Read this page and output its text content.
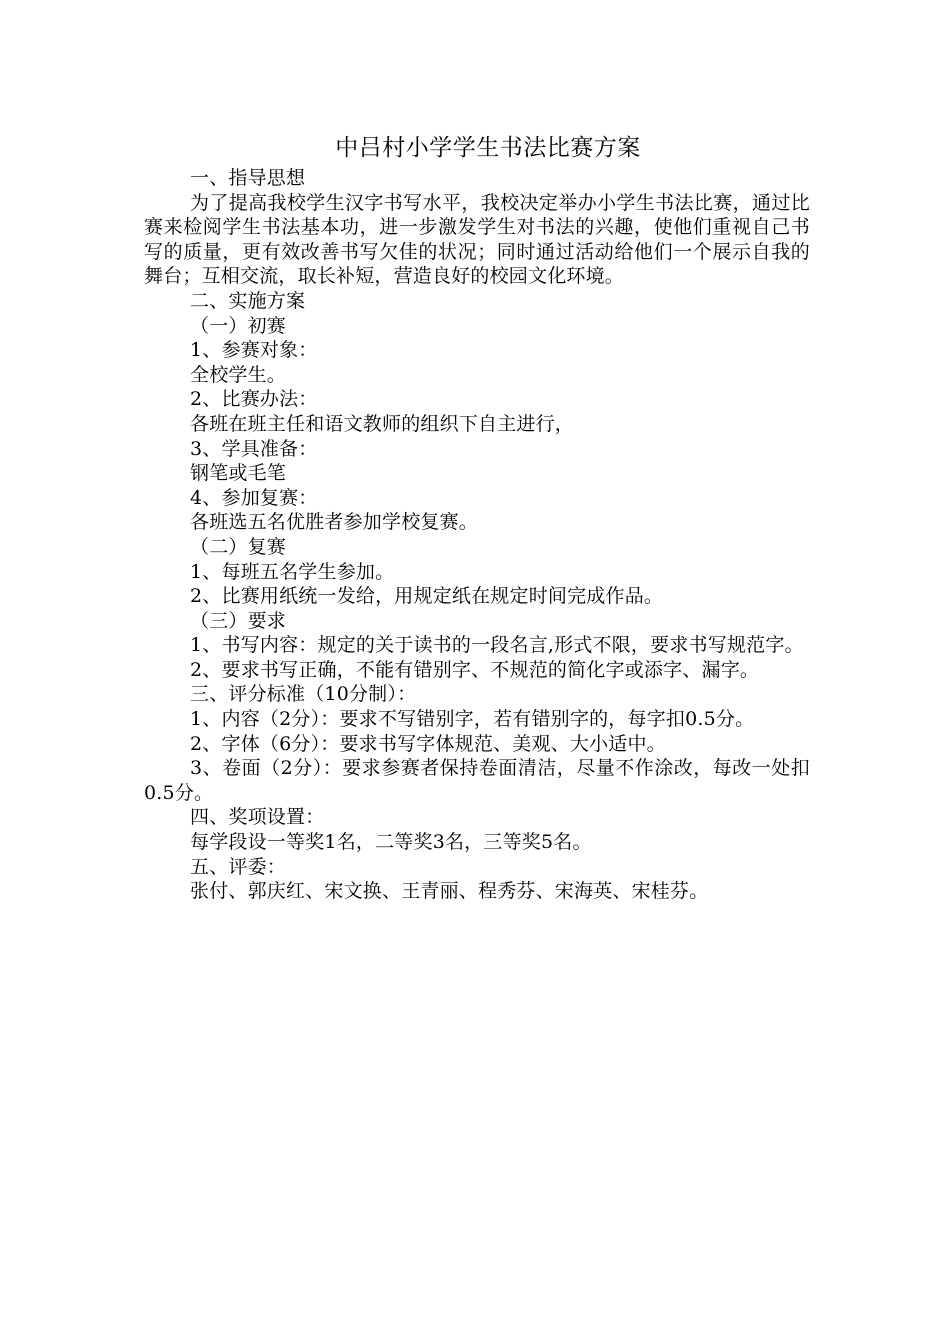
中吕村小学学生书法比赛方案

一、指导思想

为了提高我校学生汉字书写水平，我校决定举办小学生书法比赛，通过比赛来检阅学生书法基本功，进一步激发学生对书法的兴趣，使他们重视自己书写的质量，更有效改善书写欠佳的状况；同时通过活动给他们一个展示自我的舞台；互相交流，取长补短，营造良好的校园文化环境。

二、实施方案

（一）初赛

1、参赛对象：

全校学生。

2、比赛办法：

各班在班主任和语文教师的组织下自主进行，

3、学具准备：

钢笔或毛笔

4、参加复赛：

各班选五名优胜者参加学校复赛。

（二）复赛

1、每班五名学生参加。

2、比赛用纸统一发给，用规定纸在规定时间完成作品。

（三）要求

1、书写内容：规定的关于读书的一段名言,形式不限，要求书写规范字。

2、要求书写正确，不能有错别字、不规范的简化字或添字、漏字。

三、评分标准（10分制）：

1、内容（2分）：要求不写错别字，若有错别字的，每字扣0.5分。

2、字体（6分）：要求书写字体规范、美观、大小适中。

3、卷面（2分）：要求参赛者保持卷面清洁，尽量不作涂改，每改一处扣0.5分。

四、奖项设置：

每学段设一等奖1名，二等奖3名，三等奖5名。

五、评委：

张付、郭庆红、宋文换、王青丽、程秀芬、宋海英、宋桂芬。
